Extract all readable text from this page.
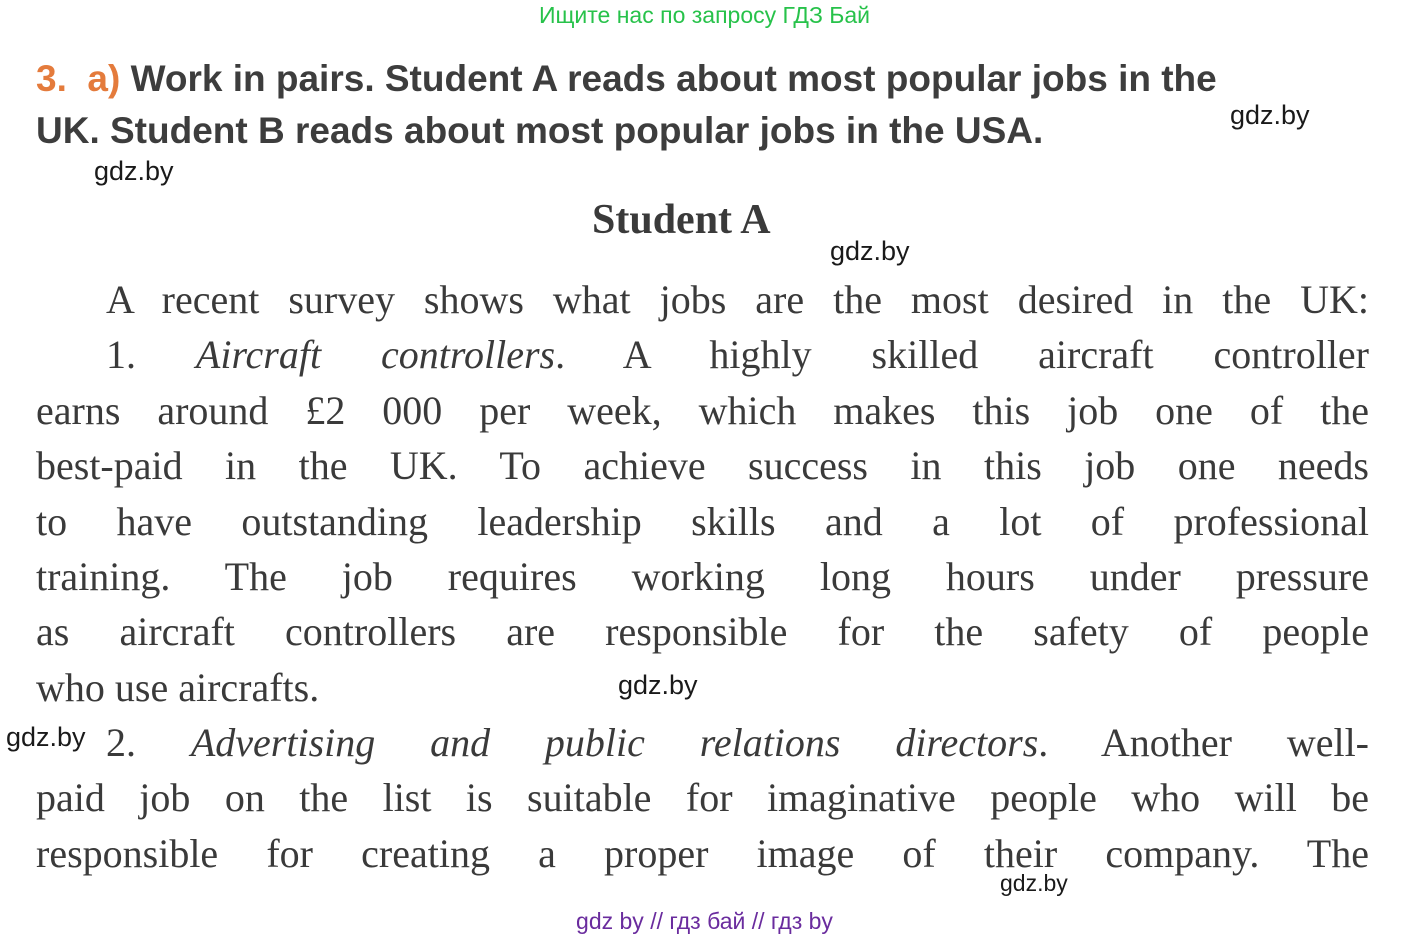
Ищите нас по запросу ГДЗ Бай
3. a) Work in pairs. Student A reads about most popular jobs in the
UK. Student B reads about most popular jobs in the USA.	gdz.by
gdz.by
Student A
gdz.by
A recent survey shows what jobs are the most desired in the UK:
1. Aircraft controllers. A highly skilled aircraft controller
earns around £2 000 per week, which makes this job one of the
best-paid in the UK. To achieve success in this job one needs
to have outstanding leadership skills and a lot of professional
training. The job requires working long hours under pressure
as aircraft controllers are responsible for the safety of people
who use aircrafts.	gdz.by
gdz.by 2. Advertising and public relations directors. Another well-
paid job on the list is suitable for imaginative people who will be
responsible for creating a proper image of their company. The
gdz.by
gdz by // гдз бай // гдз by
